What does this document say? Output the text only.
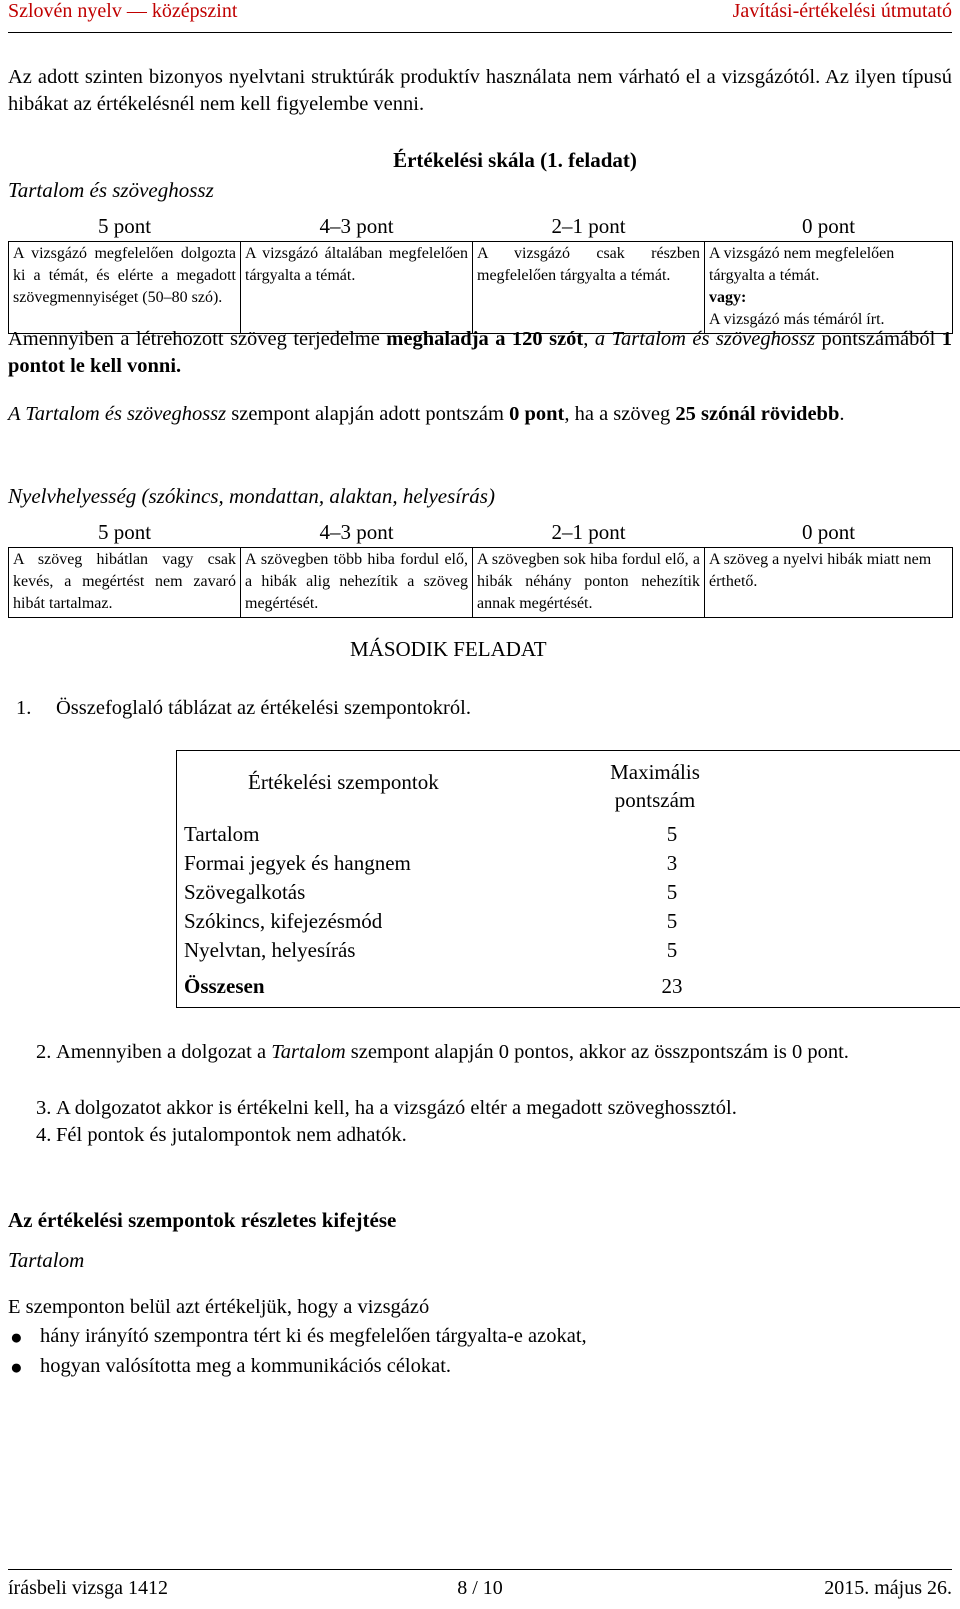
Szlovén nyelv — középszint	Javítási-értékelési útmutató
Az adott szinten bizonyos nyelvtani struktúrák produktív használata nem várható el a vizsgázótól. Az ilyen típusú hibákat az értékelésnél nem kell figyelembe venni.
Értékelési skála (1. feladat)
Tartalom és szöveghossz
5 pont	4–3 pont	2–1 pont	0 pont
A vizsgázó megfelelően dolgozta ki a témát, és elérte a megadott szövegmennyiséget (50–80 szó).	A vizsgázó általában megfelelően tárgyalta a témát.	A vizsgázó csak részben megfelelően tárgyalta a témát.	A vizsgázó nem megfelelően tárgyalta a témát.
vagy:
A vizsgázó más témáról írt.
Amennyiben a létrehozott szöveg terjedelme meghaladja a 120 szót, a Tartalom és szöveghossz pontszámából 1 pontot le kell vonni.
A Tartalom és szöveghossz szempont alapján adott pontszám 0 pont, ha a szöveg 25 szónál rövidebb.
Nyelvhelyesség (szókincs, mondattan, alaktan, helyesírás)
5 pont	4–3 pont	2–1 pont	0 pont
A szöveg hibátlan vagy csak kevés, a megértést nem zavaró hibát tartalmaz.	A szövegben több hiba fordul elő, a hibák alig nehezítik a szöveg megértését.	A szövegben sok hiba fordul elő, a hibák néhány ponton nehezítik annak megértését.	A szöveg a nyelvi hibák miatt nem érthető.
MÁSODIK FELADAT
1. Összefoglaló táblázat az értékelési szempontokról.
Értékelési szempontok	Maximális
pontszám
Tartalom	5
Formai jegyek és hangnem	3
Szövegalkotás	5
Szókincs, kifejezésmód	5
Nyelvtan, helyesírás	5
Összesen	23
2. Amennyiben a dolgozat a Tartalom szempont alapján 0 pontos, akkor az összpontszám is 0 pont.
3. A dolgozatot akkor is értékelni kell, ha a vizsgázó eltér a megadott szöveghossztól.
4. Fél pontok és jutalompontok nem adhatók.
Az értékelési szempontok részletes kifejtése
Tartalom
E szemponton belül azt értékeljük, hogy a vizsgázó
● hány irányító szempontra tért ki és megfelelően tárgyalta-e azokat,
● hogyan valósította meg a kommunikációs célokat.
írásbeli vizsga 1412	8 / 10	2015. május 26.
